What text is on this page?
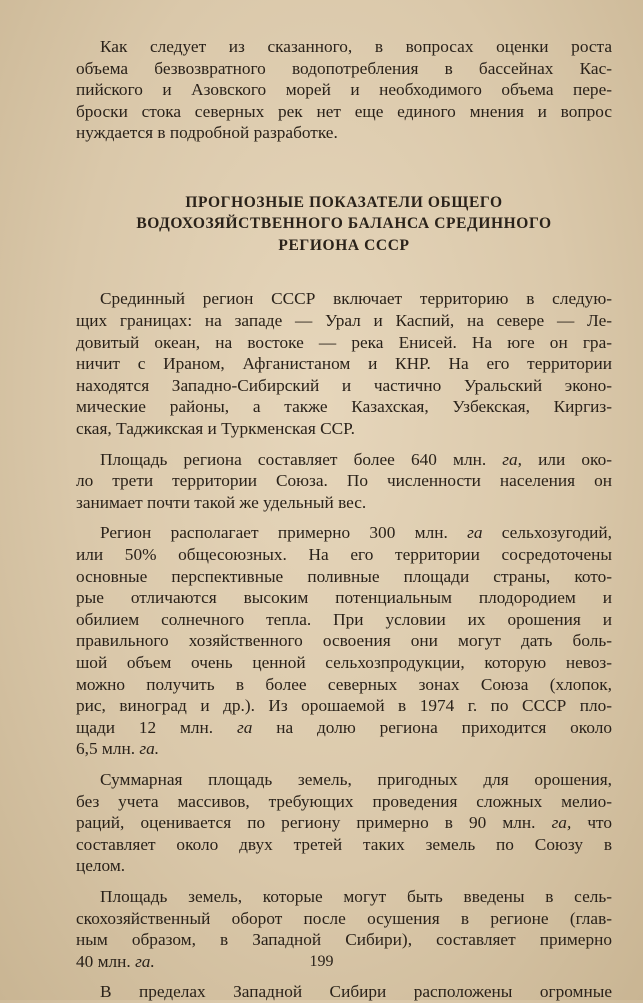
Как следует из сказанного, в вопросах оценки роста
объема безвозвратного водопотребления в бассейнах Кас-
пийского и Азовского морей и необходимого объема пере-
броски стока северных рек нет еще единого мнения и вопрос
нуждается в подробной разработке.
ПРОГНОЗНЫЕ ПОКАЗАТЕЛИ ОБЩЕГО
ВОДОХОЗЯЙСТВЕННОГО БАЛАНСА СРЕДИННОГО
РЕГИОНА СССР
Срединный регион СССР включает территорию в следую-
щих границах: на западе — Урал и Каспий, на севере — Ле-
довитый океан, на востоке — река Енисей. На юге он гра-
ничит с Ираном, Афганистаном и КНР. На его территории
находятся Западно-Сибирский и частично Уральский эконо-
мические районы, а также Казахская, Узбекская, Киргиз-
ская, Таджикская и Туркменская ССР.
Площадь региона составляет более 640 млн. га, или око-
ло трети территории Союза. По численности населения он
занимает почти такой же удельный вес.
Регион располагает примерно 300 млн. га сельхозугодий,
или 50% общесоюзных. На его территории сосредоточены
основные перспективные поливные площади страны, кото-
рые отличаются высоким потенциальным плодородием и
обилием солнечного тепла. При условии их орошения и
правильного хозяйственного освоения они могут дать боль-
шой объем очень ценной сельхозпродукции, которую невоз-
можно получить в более северных зонах Союза (хлопок,
рис, виноград и др.). Из орошаемой в 1974 г. по СССР пло-
щади 12 млн. га на долю региона приходится около
6,5 млн. га.
Суммарная площадь земель, пригодных для орошения,
без учета массивов, требующих проведения сложных мелио-
раций, оценивается по региону примерно в 90 млн. га, что
составляет около двух третей таких земель по Союзу в
целом.
Площадь земель, которые могут быть введены в сель-
скохозяйственный оборот после осушения в регионе (глав-
ным образом, в Западной Сибири), составляет примерно
40 млн. га.
В пределах Западной Сибири расположены огромные
199
